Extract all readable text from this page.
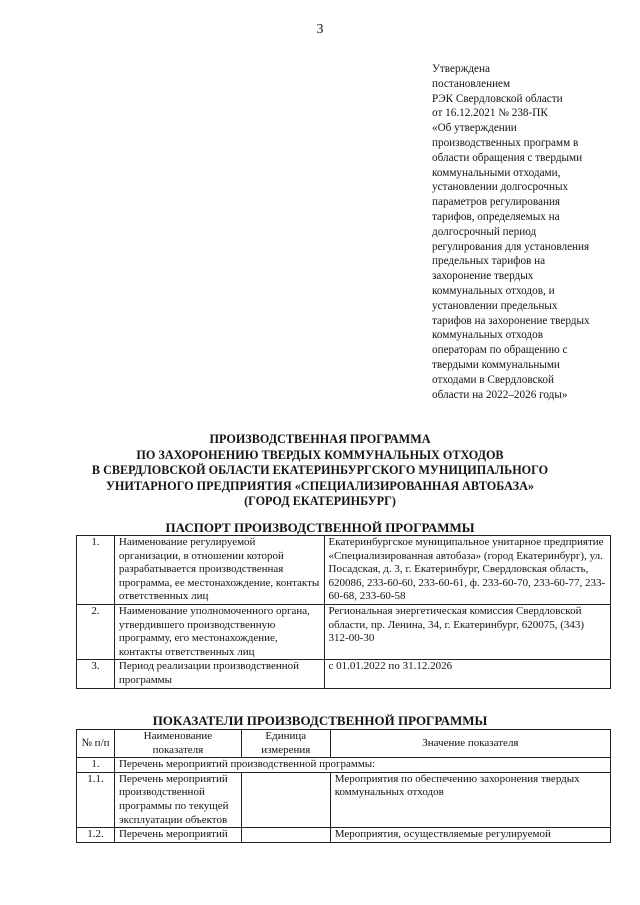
3
Утверждена
постановлением
РЭК Свердловской области
от 16.12.2021 № 238-ПК
«Об утверждении
производственных программ в
области обращения с твердыми
коммунальными отходами,
установлении долгосрочных
параметров регулирования
тарифов, определяемых на
долгосрочный период
регулирования для установления
предельных тарифов на
захоронение твердых
коммунальных отходов, и
установлении предельных
тарифов на захоронение твердых
коммунальных отходов
операторам по обращению с
твердыми коммунальными
отходами в Свердловской
области на 2022–2026 годы»
ПРОИЗВОДСТВЕННАЯ ПРОГРАММА
ПО ЗАХОРОНЕНИЮ ТВЕРДЫХ КОММУНАЛЬНЫХ ОТХОДОВ
В СВЕРДЛОВСКОЙ ОБЛАСТИ ЕКАТЕРИНБУРГСКОГО МУНИЦИПАЛЬНОГО
УНИТАРНОГО ПРЕДПРИЯТИЯ «СПЕЦИАЛИЗИРОВАННАЯ АВТОБАЗА»
(ГОРОД ЕКАТЕРИНБУРГ)
ПАСПОРТ ПРОИЗВОДСТВЕННОЙ ПРОГРАММЫ
1.	Наименование регулируемой организации, в отношении которой разрабатывается производственная программа, ее местонахождение, контакты ответственных лиц	Екатеринбургское муниципальное унитарное предприятие «Специализированная автобаза» (город Екатеринбург), ул. Посадская, д. 3, г. Екатеринбург, Свердловская область, 620086, 233-60-60, 233-60-61, ф. 233-60-70, 233-60-77, 233-60-68, 233-60-58
2.	Наименование уполномоченного органа, утвердившего производственную программу, его местонахождение, контакты ответственных лиц	Региональная энергетическая комиссия Свердловской области, пр. Ленина, 34, г. Екатеринбург, 620075, (343) 312-00-30
3.	Период реализации производственной программы	с 01.01.2022 по 31.12.2026
ПОКАЗАТЕЛИ ПРОИЗВОДСТВЕННОЙ ПРОГРАММЫ
№ п/п	Наименование показателя	Единица измерения	Значение показателя
1.	Перечень мероприятий производственной программы:		
1.1.	Перечень мероприятий производственной программы по текущей эксплуатации объектов		Мероприятия по обеспечению захоронения твердых коммунальных отходов
1.2.	Перечень мероприятий		Мероприятия, осуществляемые регулируемой
